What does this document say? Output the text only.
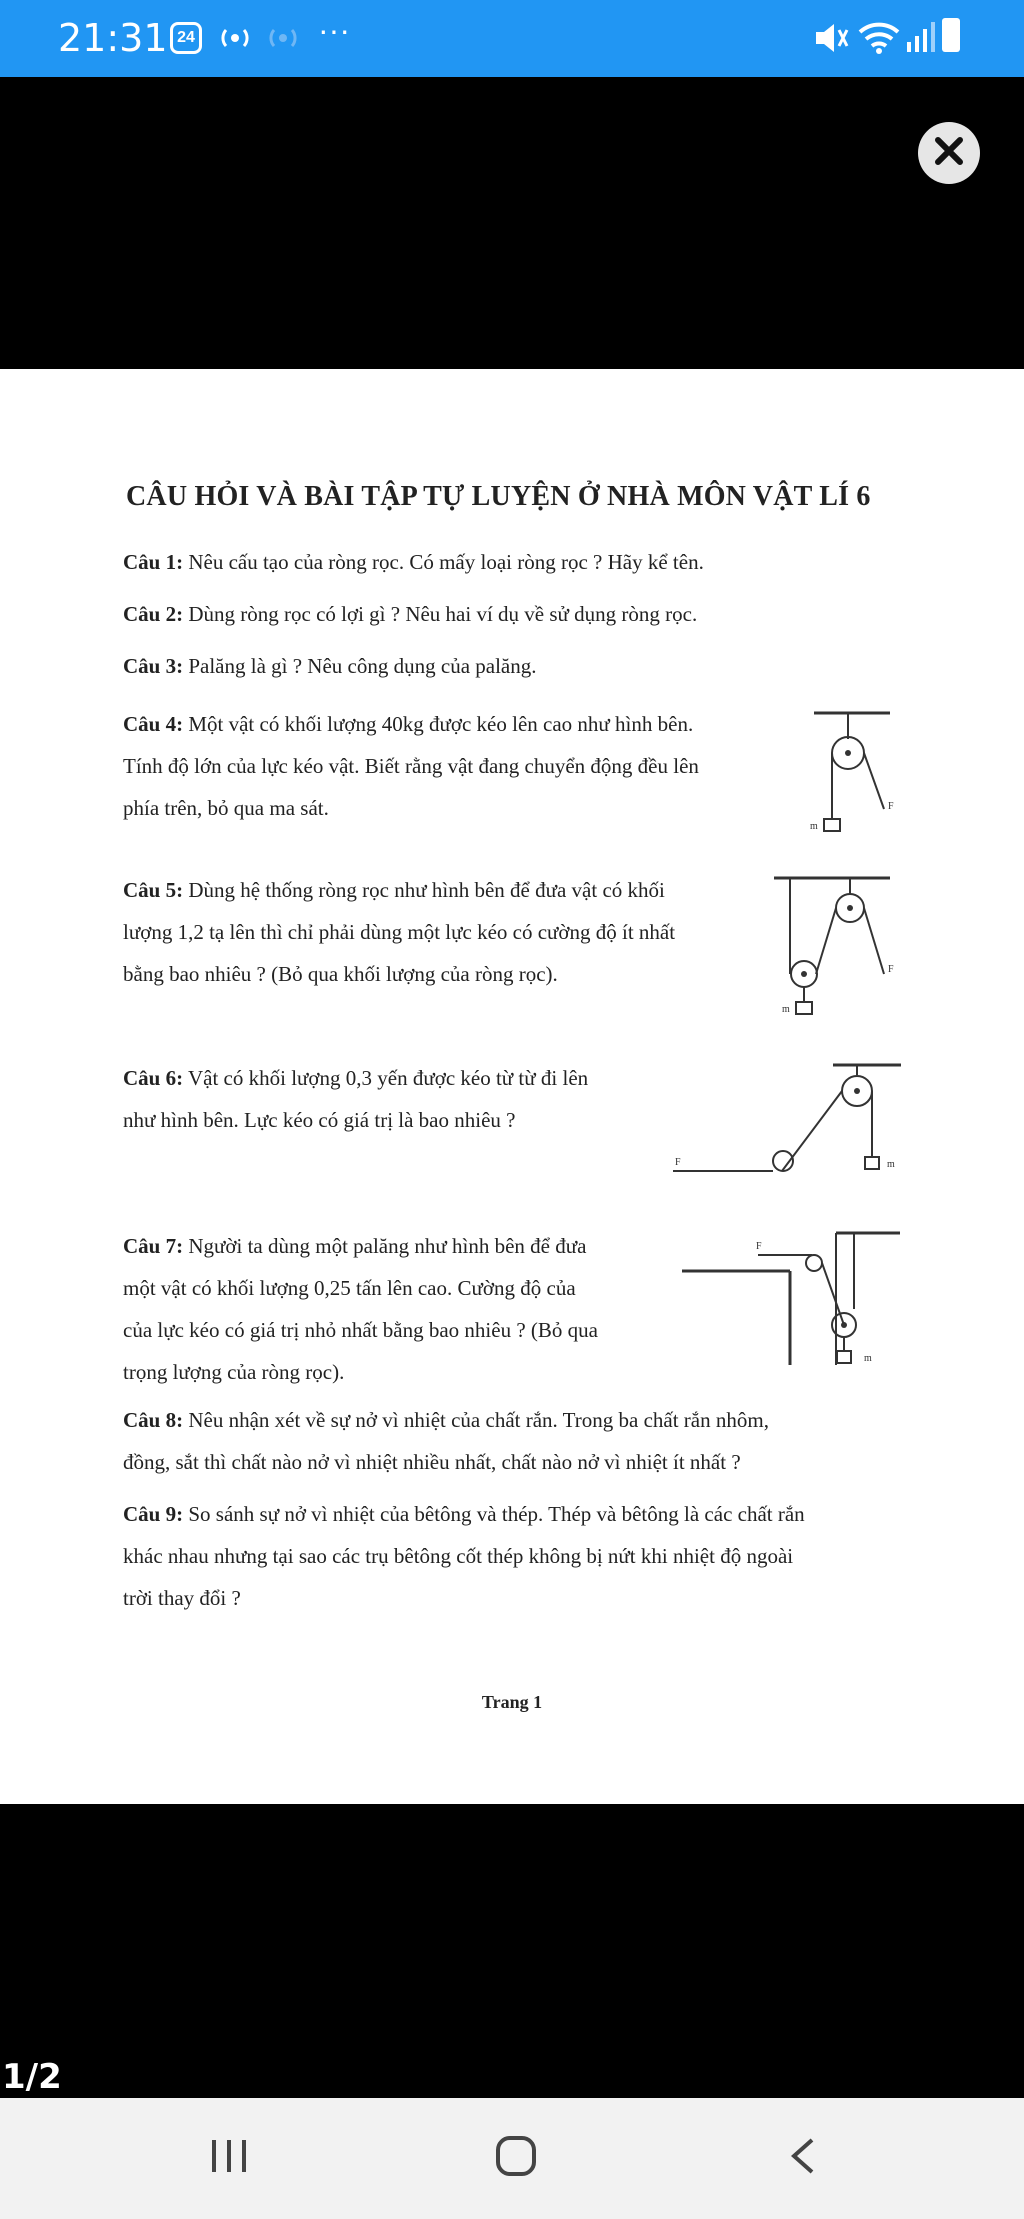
21:31 24	···
CÂU HỎI VÀ BÀI TẬP TỰ LUYỆN Ở NHÀ MÔN VẬT LÍ 6
Câu 1: Nêu cấu tạo của ròng rọc. Có mấy loại ròng rọc ? Hãy kể tên.
Câu 2: Dùng ròng rọc có lợi gì ? Nêu hai ví dụ về sử dụng ròng rọc.
Câu 3: Palăng là gì ? Nêu công dụng của palăng.
Câu 4: Một vật có khối lượng 40kg được kéo lên cao như hình bên.
Tính độ lớn của lực kéo vật. Biết rằng vật đang chuyển động đều lên
phía trên, bỏ qua ma sát.	F
m
Câu 5: Dùng hệ thống ròng rọc như hình bên để đưa vật có khối
lượng 1,2 tạ lên thì chỉ phải dùng một lực kéo có cường độ ít nhất
bằng bao nhiêu ? (Bỏ qua khối lượng của ròng rọc).	F
m
Câu 6: Vật có khối lượng 0,3 yến được kéo từ từ đi lên
như hình bên. Lực kéo có giá trị là bao nhiêu ?
F	m
Câu 7: Người ta dùng một palăng như hình bên để đưa
một vật có khối lượng 0,25 tấn lên cao. Cường độ của
của lực kéo có giá trị nhỏ nhất bằng bao nhiêu ? (Bỏ qua
trọng lượng của ròng rọc).
F
m
Câu 8: Nêu nhận xét về sự nở vì nhiệt của chất rắn. Trong ba chất rắn nhôm,
đồng, sắt thì chất nào nở vì nhiệt nhiều nhất, chất nào nở vì nhiệt ít nhất ?
Câu 9: So sánh sự nở vì nhiệt của bêtông và thép. Thép và bêtông là các chất rắn
khác nhau nhưng tại sao các trụ bêtông cốt thép không bị nứt khi nhiệt độ ngoài
trời thay đổi ?
Trang 1
1/2
